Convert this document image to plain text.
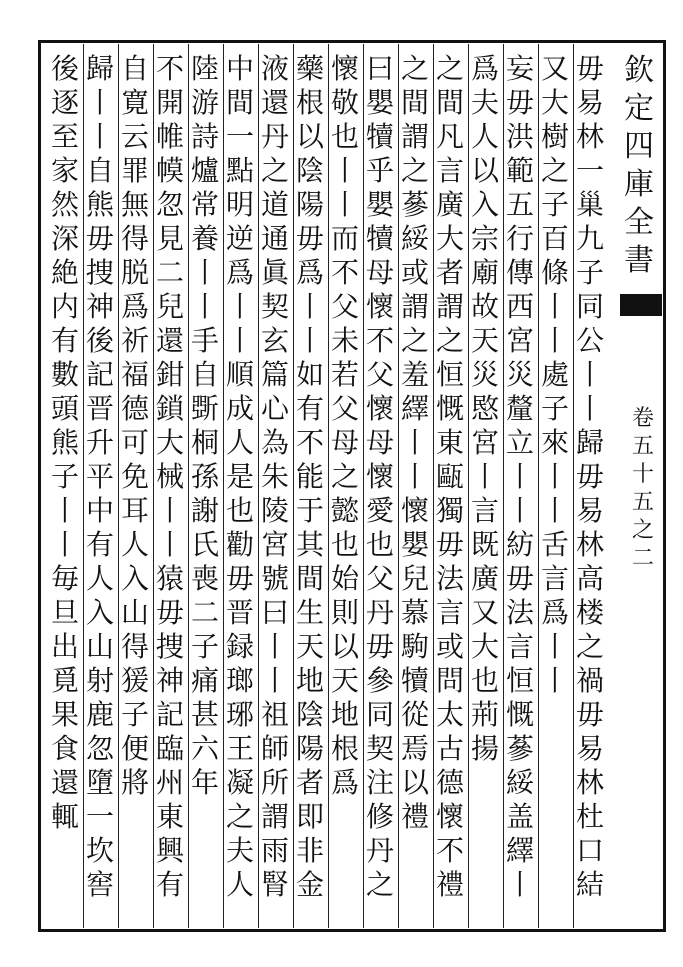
欽
定
四
庫
全
書
卷
五
十
五
之
二
毋
易
林
一
巢
九
子
同
公
丨
丨
歸
毋
易
林
高
楼
之
禍
毋
易
林
杜
口
結
又
大
樹
之
子
百
條
丨
丨
處
子
來
丨
丨
舌
言
爲
丨
丨
妄
毋
洪
範
五
行
傳
西
宮
災
釐
立
丨
丨
紡
毋
法
言
恒
慨
蔘
綏
盖
繹
丨
爲
夫
人
以
入
宗
廟
故
天
災
愍
宮
丨
言
既
廣
又
大
也
荊
揚
之
間
凡
言
廣
大
者
謂
之
恒
慨
東
甌
獨
毋
法
言
或
問
太
古
德
懷
不
禮
之
間
謂
之
蔘
綏
或
謂
之
羞
繹
丨
丨
懷
嬰
兒
慕
駒
犢
從
焉
以
禮
曰
嬰
犢
乎
嬰
犢
母
懷
不
父
懷
母
懷
愛
也
父
丹
毋
參
同
契
注
修
丹
之
懷
敬
也
丨
丨
而
不
父
未
若
父
母
之
懿
也
始
則
以
天
地
根
爲
藥
根
以
陰
陽
毋
爲
丨
丨
如
有
不
能
于
其
間
生
天
地
陰
陽
者
即
非
金
液
還
丹
之
道
通
眞
契
玄
篇
心
為
朱
陵
宮
號
曰
丨
丨
祖
師
所
謂
雨
腎
中
間
一
點
明
逆
爲
丨
丨
順
成
人
是
也
勸
毋
晋
録
瑯
琊
王
凝
之
夫
人
陸
游
詩
爐
常
養
丨
丨
手
自
斲
桐
孫
謝
氏
喪
二
子
痛
甚
六
年
不
開
帷
幙
忽
見
二
兒
還
鉗
鎖
大
械
丨
丨
猿
毋
捜
神
記
臨
州
東
興
有
自
寛
云
罪
無
得
脱
爲
祈
福
德
可
免
耳
人
入
山
得
猨
子
便
將
歸
丨
丨
自
熊
毋
捜
神
後
記
晋
升
平
中
有
人
入
山
射
鹿
忽
墮
一
坎
窖
後
逐
至
家
然
深
絶
内
有
數
頭
熊
子
丨
丨
毎
旦
出
覓
果
食
還
輒
